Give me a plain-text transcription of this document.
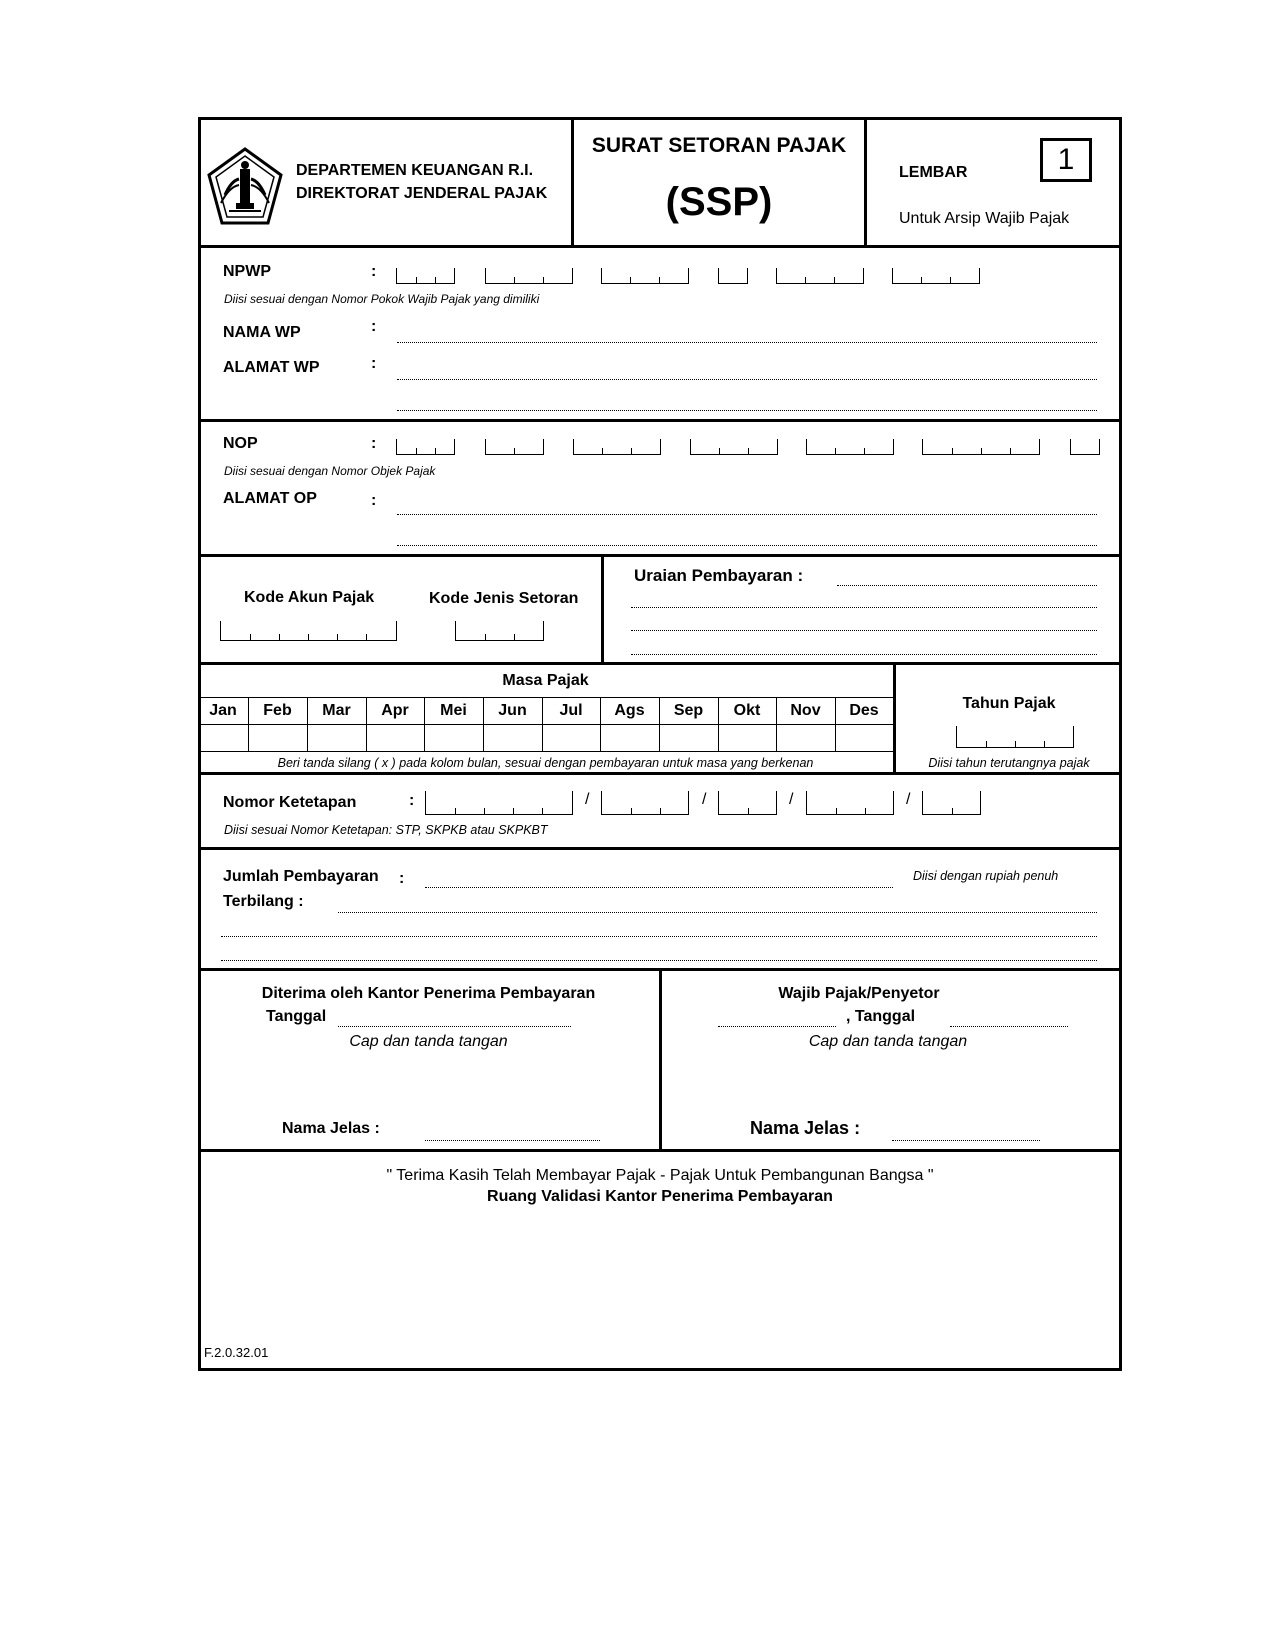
DEPARTEMEN KEUANGAN R.I.
DIREKTORAT JENDERAL PAJAK
SURAT SETORAN PAJAK
(SSP)
LEMBAR	1
Untuk Arsip Wajib Pajak
NPWP	:
Diisi sesuai dengan Nomor Pokok Wajib Pajak yang dimiliki
NAMA WP	:
ALAMAT WP	:
NOP	:
Diisi sesuai dengan Nomor Objek Pajak
ALAMAT OP	:
Kode Akun Pajak	Kode Jenis Setoran
Uraian Pembayaran :
Masa Pajak
Jan	Feb	Mar	Apr	Mei	Jun	Jul	Ags	Sep	Okt	Nov	Des
Beri tanda silang ( x ) pada kolom bulan, sesuai dengan pembayaran untuk masa yang berkenan
Tahun Pajak
Diisi tahun terutangnya pajak
Nomor Ketetapan	:	/	/	/	/
Diisi sesuai Nomor Ketetapan: STP, SKPKB atau SKPKBT
Jumlah Pembayaran :	Diisi dengan rupiah penuh
Terbilang :
Diterima oleh Kantor Penerima Pembayaran
Tanggal
Cap dan tanda tangan
Nama Jelas :
Wajib Pajak/Penyetor
, Tanggal
Cap dan tanda tangan
Nama Jelas :
" Terima Kasih Telah Membayar Pajak - Pajak Untuk Pembangunan Bangsa "
Ruang Validasi Kantor Penerima Pembayaran
F.2.0.32.01
